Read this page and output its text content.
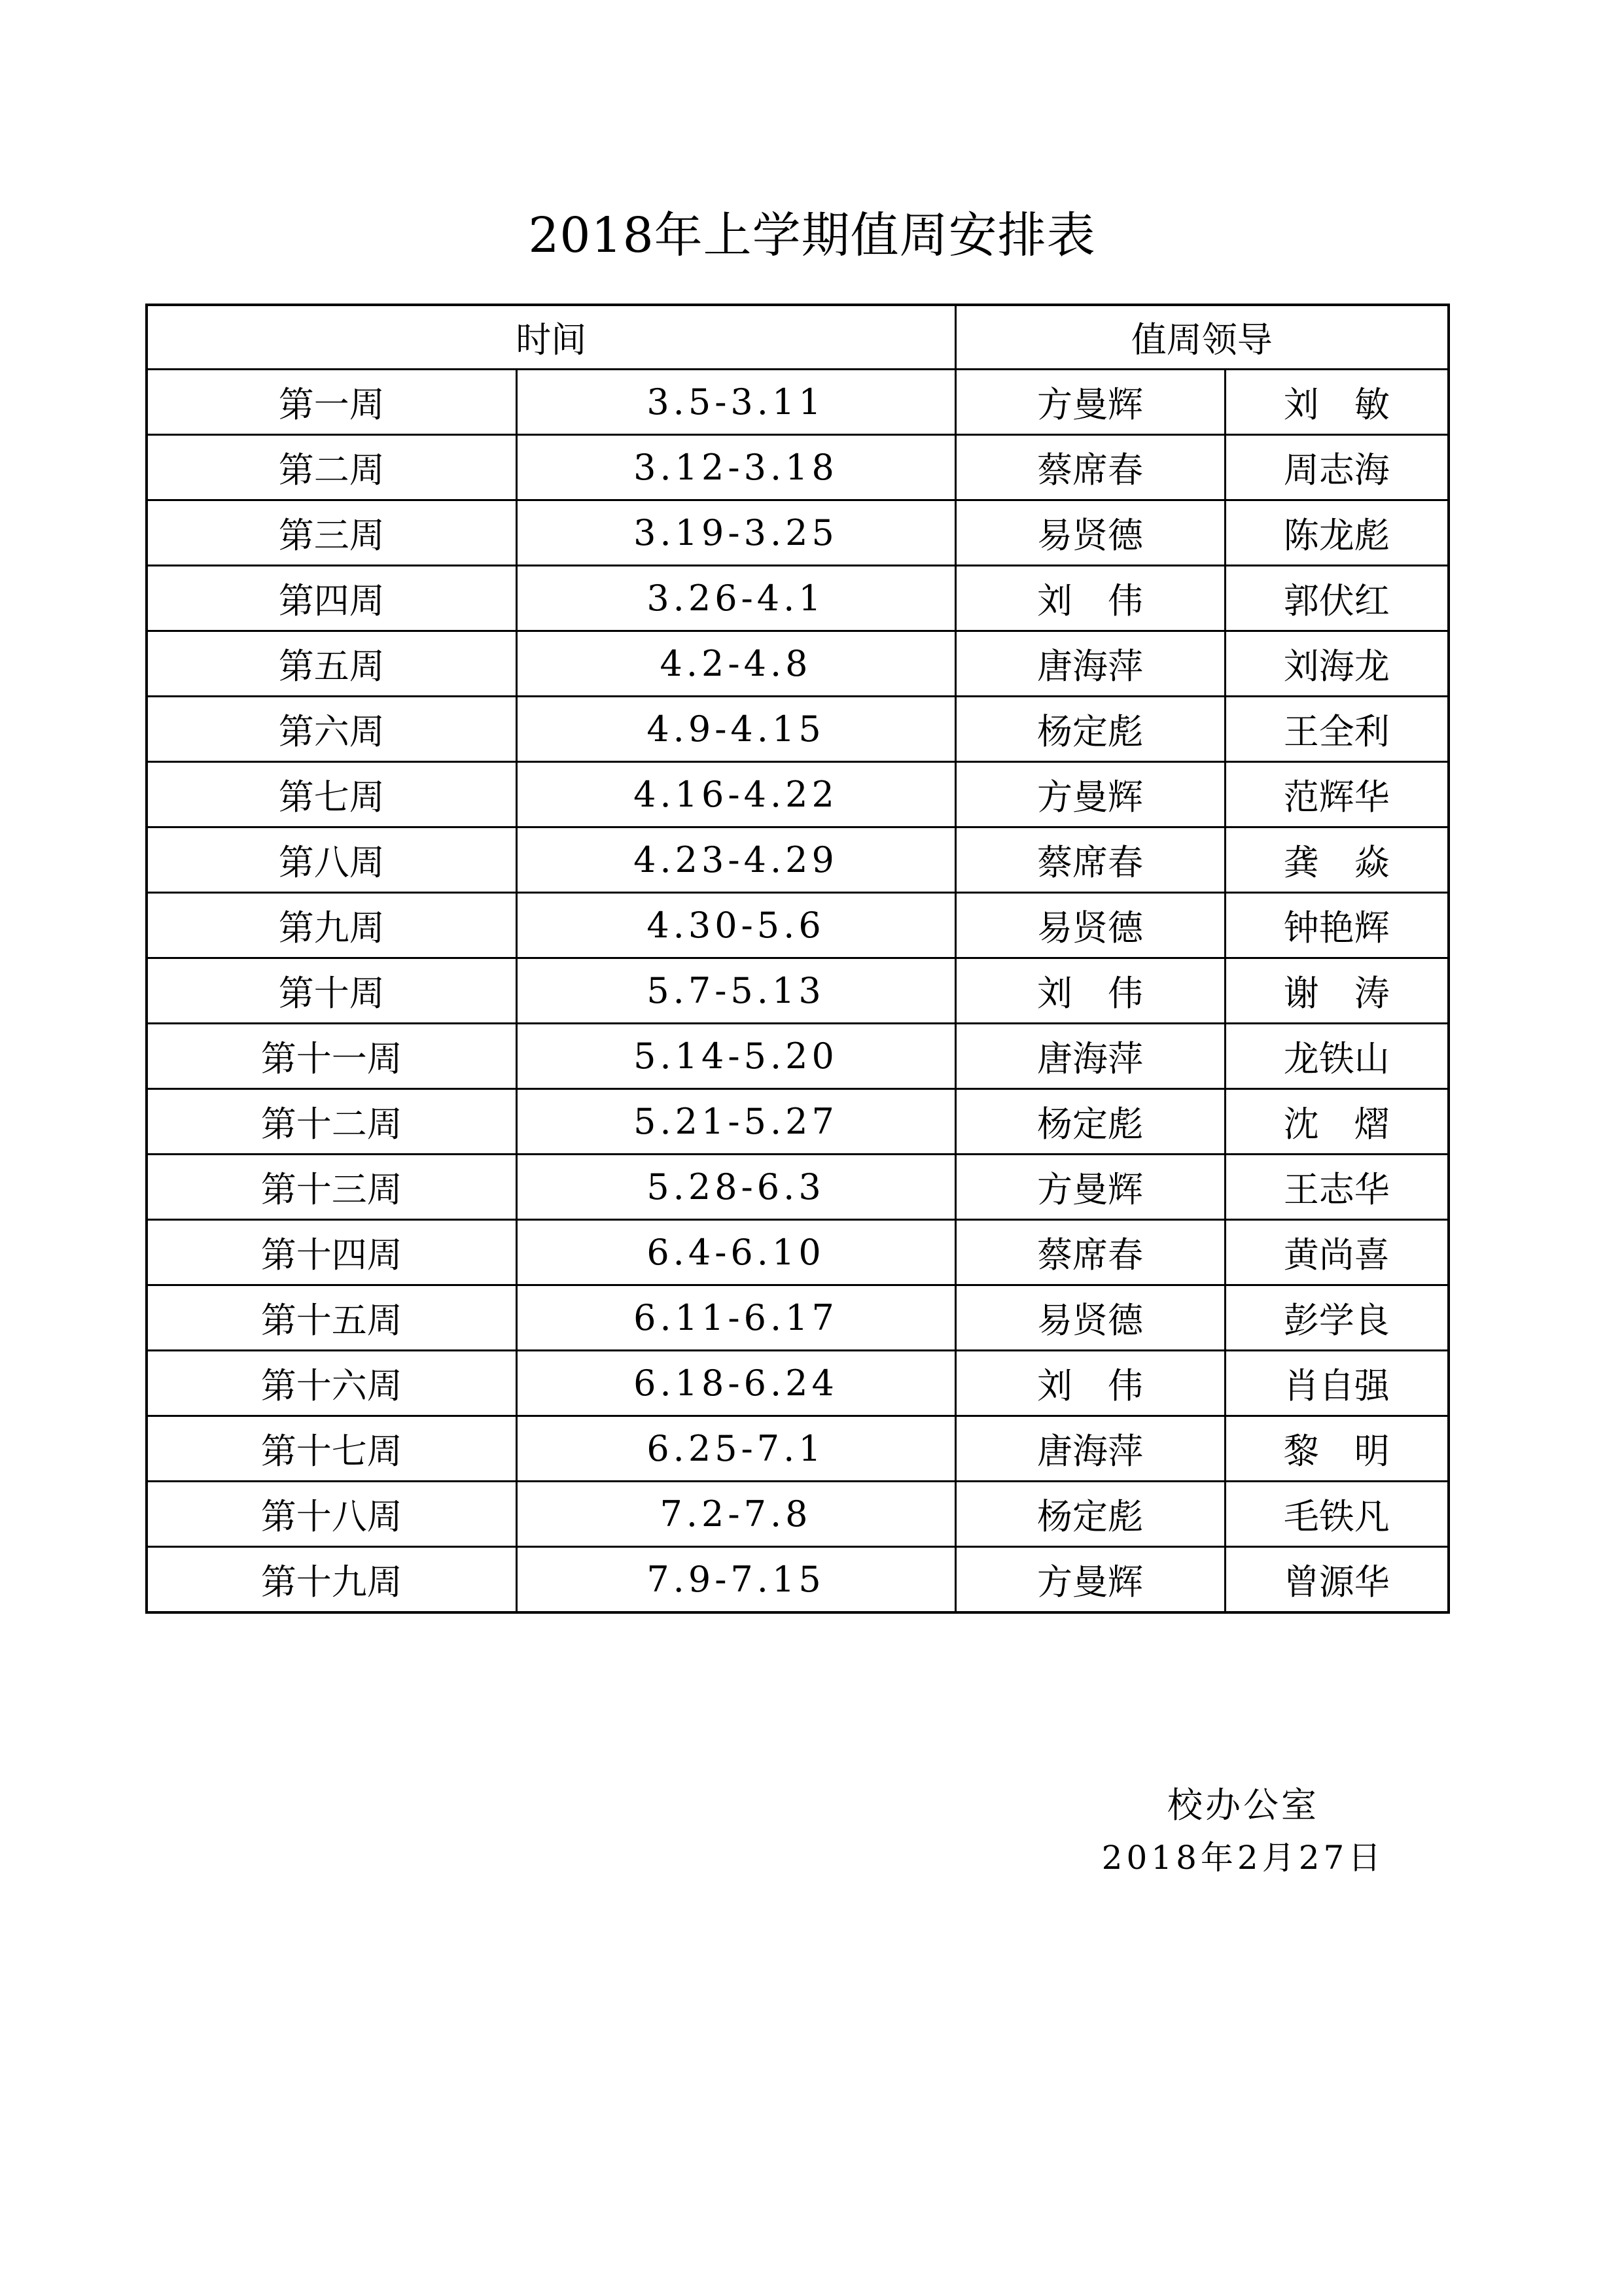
2018年上学期值周安排表
时间		值周领导	
第一周	3.5-3.11	方曼辉	刘　敏
第二周	3.12-3.18	蔡席春	周志海
第三周	3.19-3.25	易贤德	陈龙彪
第四周	3.26-4.1	刘　伟	郭伏红
第五周	4.2-4.8	唐海萍	刘海龙
第六周	4.9-4.15	杨定彪	王全利
第七周	4.16-4.22	方曼辉	范辉华
第八周	4.23-4.29	蔡席春	龚　焱
第九周	4.30-5.6	易贤德	钟艳辉
第十周	5.7-5.13	刘　伟	谢　涛
第十一周	5.14-5.20	唐海萍	龙铁山
第十二周	5.21-5.27	杨定彪	沈　熠
第十三周	5.28-6.3	方曼辉	王志华
第十四周	6.4-6.10	蔡席春	黄尚喜
第十五周	6.11-6.17	易贤德	彭学良
第十六周	6.18-6.24	刘　伟	肖自强
第十七周	6.25-7.1	唐海萍	黎　明
第十八周	7.2-7.8	杨定彪	毛铁凡
第十九周	7.9-7.15	方曼辉	曾源华
校办公室
2018年2月27日
